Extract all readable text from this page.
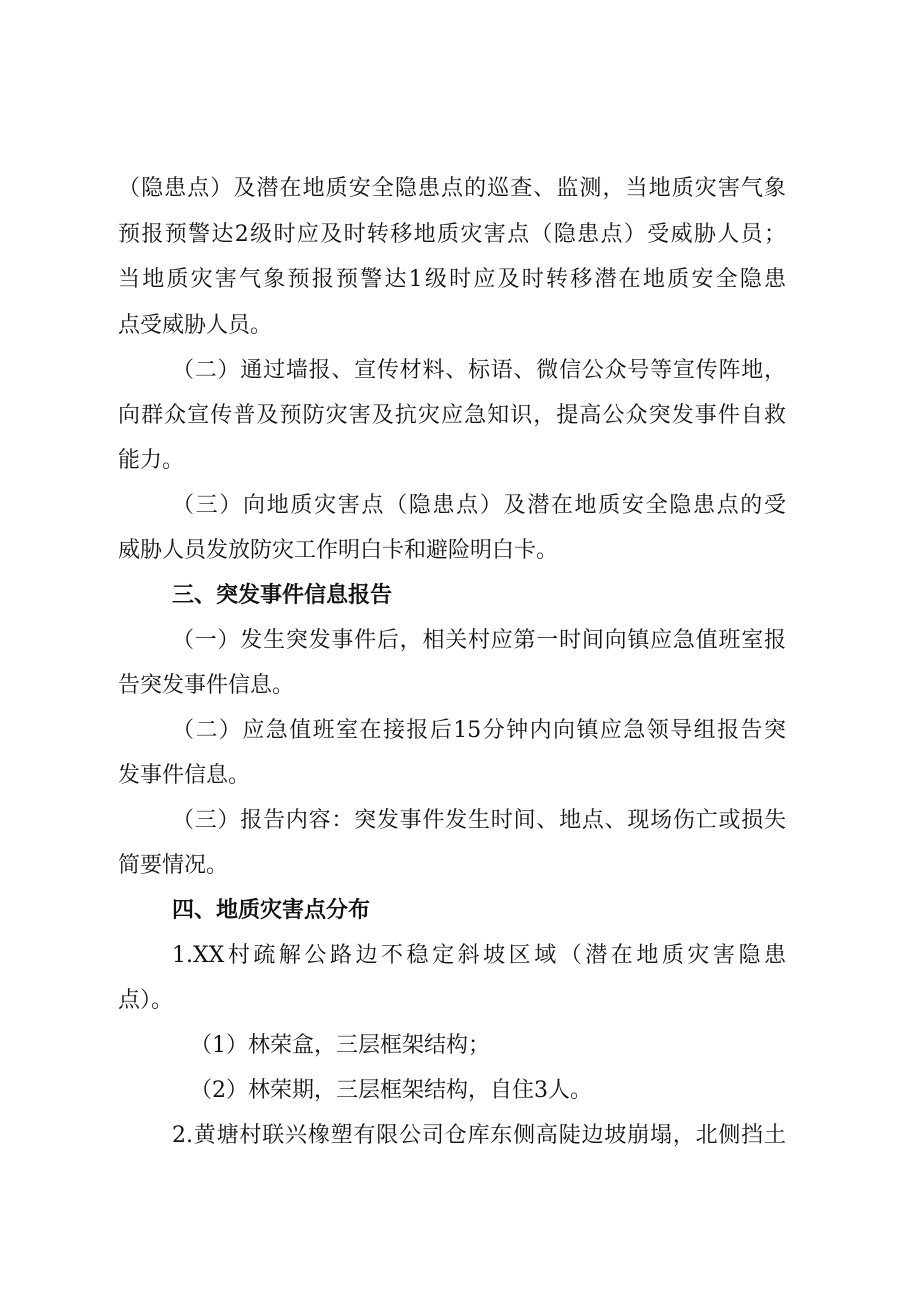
（隐患点）及潜在地质安全隐患点的巡查、监测，当地质灾害气象
预报预警达2级时应及时转移地质灾害点（隐患点）受威胁人员；
当地质灾害气象预报预警达1级时应及时转移潜在地质安全隐患
点受威胁人员。
（二）通过墙报、宣传材料、标语、微信公众号等宣传阵地，
向群众宣传普及预防灾害及抗灾应急知识，提高公众突发事件自救
能力。
（三）向地质灾害点（隐患点）及潜在地质安全隐患点的受
威胁人员发放防灾工作明白卡和避险明白卡。
三、突发事件信息报告
（一）发生突发事件后，相关村应第一时间向镇应急值班室报
告突发事件信息。
（二）应急值班室在接报后15分钟内向镇应急领导组报告突
发事件信息。
（三）报告内容：突发事件发生时间、地点、现场伤亡或损失
简要情况。
四、地质灾害点分布
1.XX村疏解公路边不稳定斜坡区域（潜在地质灾害隐患
点）。
（1）林荣盒，三层框架结构；
（2）林荣期，三层框架结构，自住3人。
2.黄塘村联兴橡塑有限公司仓库东侧高陡边坡崩塌，北侧挡土
